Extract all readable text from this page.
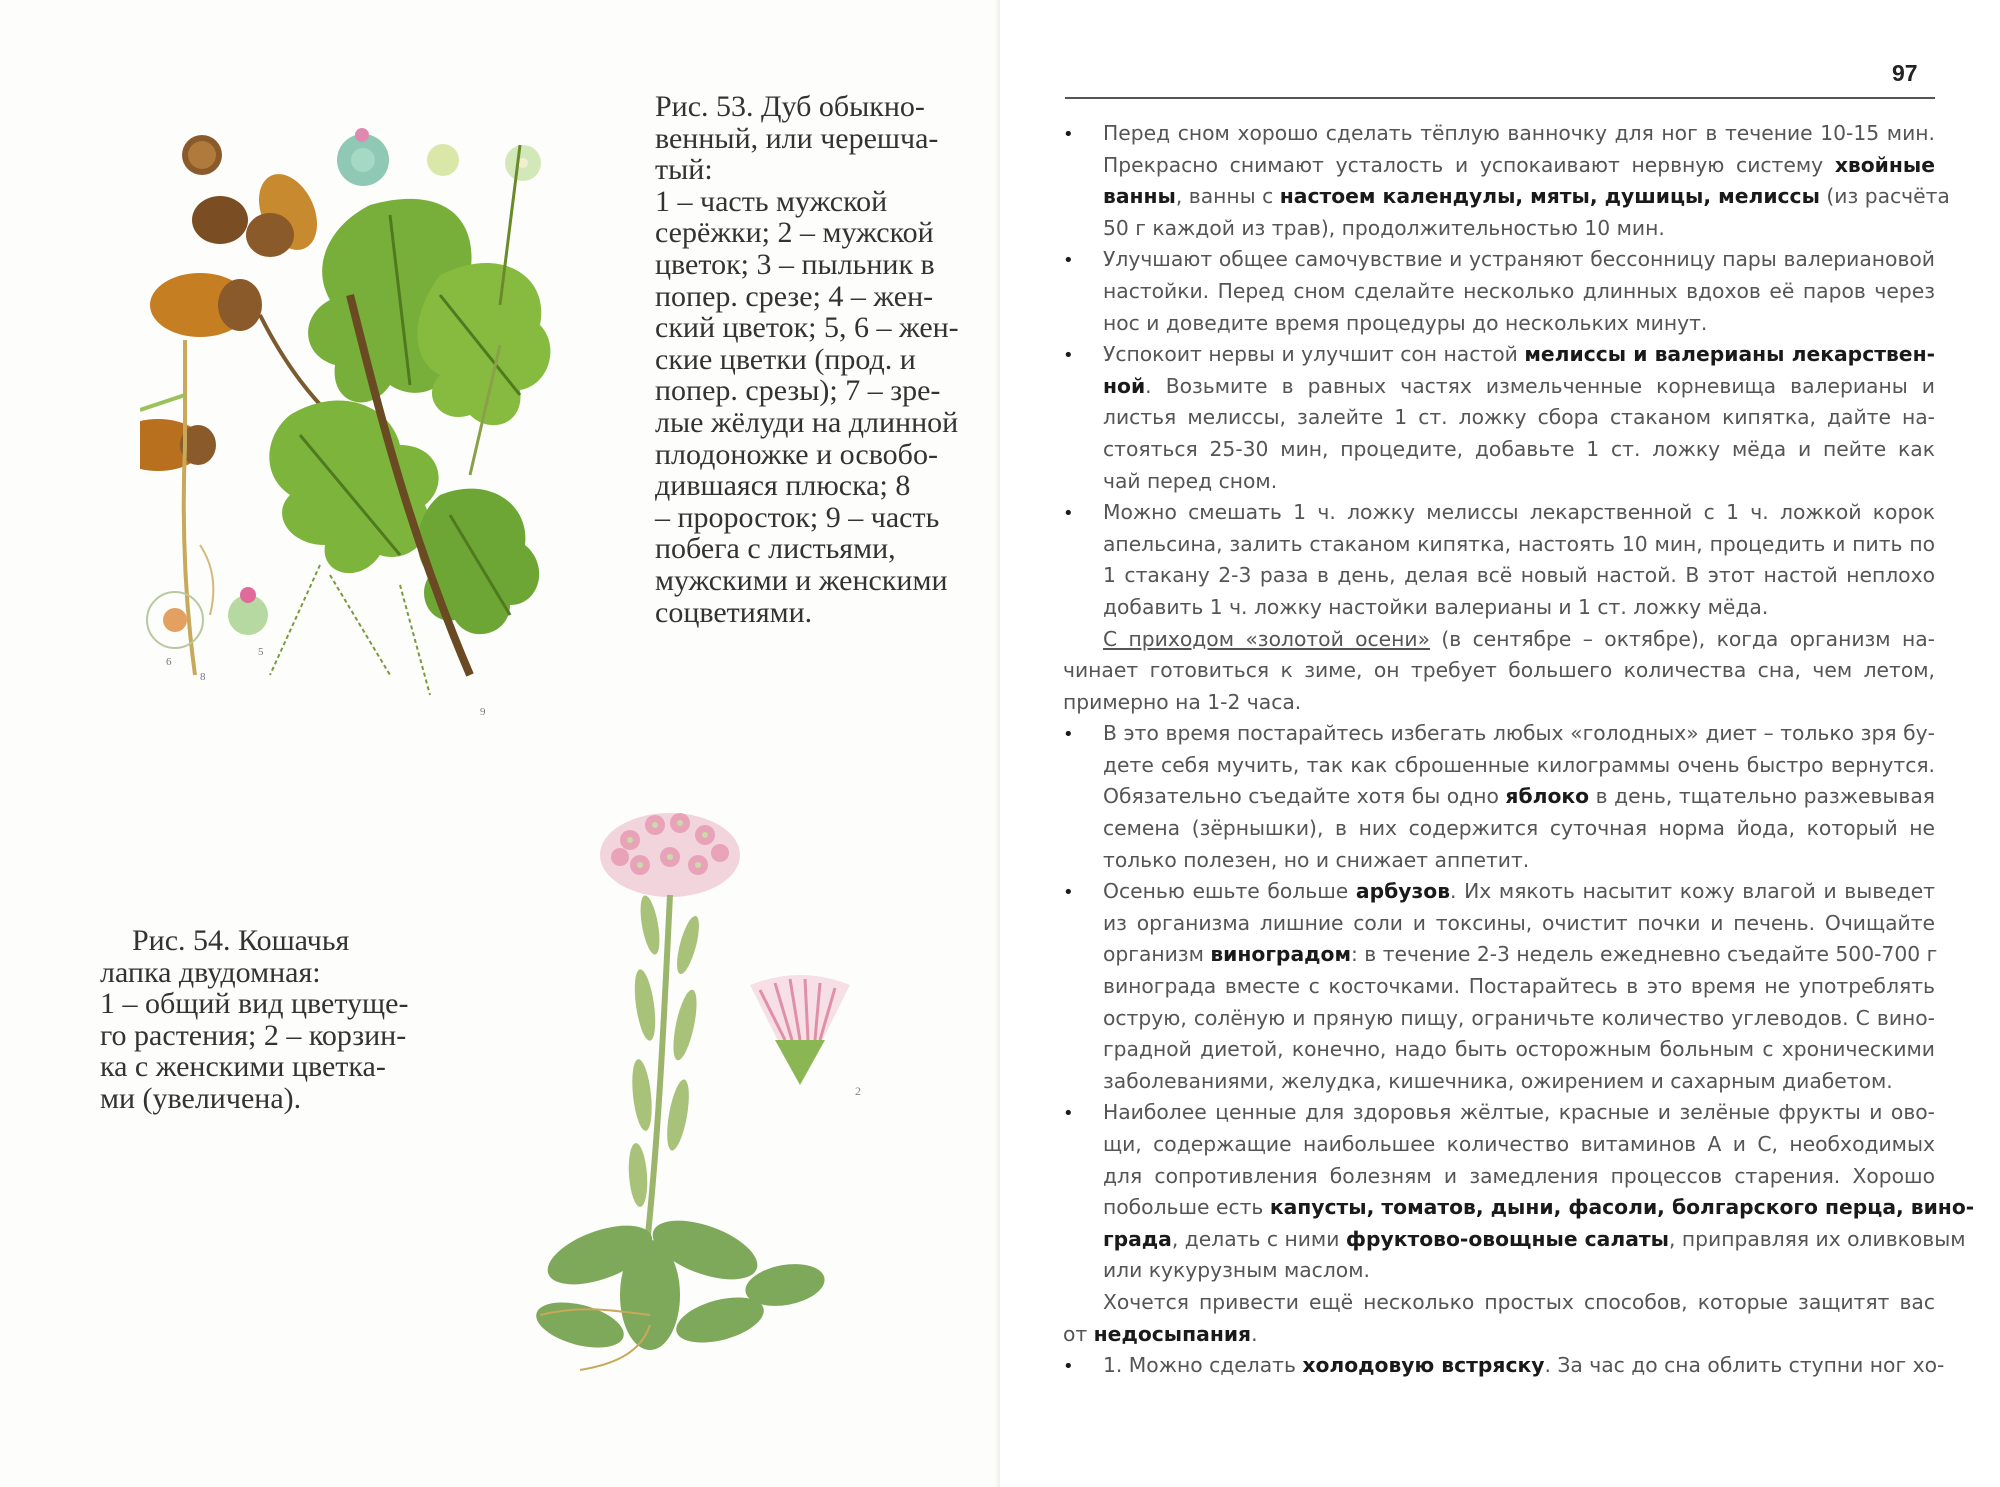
6
5
8
9
Рис. 53. Дуб обыкно-
венный, или черешча-
тый:
1 – часть мужской
серёжки; 2 – мужской
цветок; 3 – пыльник в
попер. срезе; 4 – жен-
ский цветок; 5, 6 – жен-
ские цветки (прод. и
попер. срезы); 7 – зре-
лые жёлуди на длинной
плодоножке и освобо-
дившаяся плюска; 8
– проросток; 9 – часть
побега с листьями,
мужскими и женскими
соцветиями.
2
Рис. 54. Кошачья
лапка двудомная:
1 – общий вид цветуще-
го растения; 2 – корзин-
ка с женскими цветка-
ми (увеличена).
97
• Перед сном хорошо сделать тёплую ванночку для ног в течение 10-15 мин.
Прекрасно снимают усталость и успокаивают нервную систему хвойные
ванны, ванны с настоем календулы, мяты, душицы, мелиссы (из расчёта
50 г каждой из трав), продолжительностью 10 мин.
• Улучшают общее самочувствие и устраняют бессонницу пары валериановой
настойки. Перед сном сделайте несколько длинных вдохов её паров через
нос и доведите время процедуры до нескольких минут.
• Успокоит нервы и улучшит сон настой мелиссы и валерианы лекарствен-
ной. Возьмите в равных частях измельченные корневища валерианы и
листья мелиссы, залейте 1 ст. ложку сбора стаканом кипятка, дайте на-
стояться 25-30 мин, процедите, добавьте 1 ст. ложку мёда и пейте как
чай перед сном.
• Можно смешать 1 ч. ложку мелиссы лекарственной с 1 ч. ложкой корок
апельсина, залить стаканом кипятка, настоять 10 мин, процедить и пить по
1 стакану 2-3 раза в день, делая всё новый настой. В этот настой неплохо
добавить 1 ч. ложку настойки валерианы и 1 ст. ложку мёда.
С приходом «золотой осени» (в сентябре – октябре), когда организм на-
чинает готовиться к зиме, он требует большего количества сна, чем летом,
примерно на 1-2 часа.
• В это время постарайтесь избегать любых «голодных» диет – только зря бу-
дете себя мучить, так как сброшенные килограммы очень быстро вернутся.
Обязательно съедайте хотя бы одно яблоко в день, тщательно разжевывая
семена (зёрнышки), в них содержится суточная норма йода, который не
только полезен, но и снижает аппетит.
• Осенью ешьте больше арбузов. Их мякоть насытит кожу влагой и выведет
из организма лишние соли и токсины, очистит почки и печень. Очищайте
организм виноградом: в течение 2-3 недель ежедневно съедайте 500-700 г
винограда вместе с косточками. Постарайтесь в это время не употреблять
острую, солёную и пряную пищу, ограничьте количество углеводов. С вино-
градной диетой, конечно, надо быть осторожным больным с хроническими
заболеваниями, желудка, кишечника, ожирением и сахарным диабетом.
• Наиболее ценные для здоровья жёлтые, красные и зелёные фрукты и ово-
щи, содержащие наибольшее количество витаминов А и С, необходимых
для сопротивления болезням и замедления процессов старения. Хорошо
побольше есть капусты, томатов, дыни, фасоли, болгарского перца, вино-
града, делать с ними фруктово-овощные салаты, приправляя их оливковым
или кукурузным маслом.
Хочется привести ещё несколько простых способов, которые защитят вас
от недосыпания.
• 1. Можно сделать холодовую встряску. За час до сна облить ступни ног хо-
